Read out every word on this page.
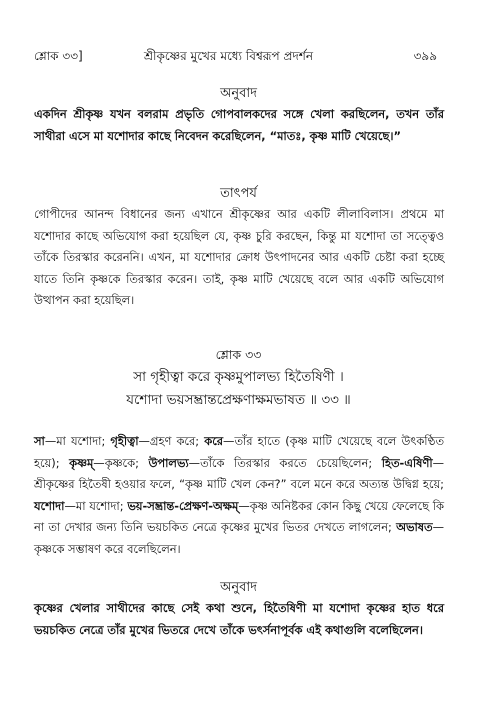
শ্লোক ৩৩]	শ্রীকৃষ্ণের মুখের মধ্যে বিশ্বরূপ প্রদর্শন	৩৯৯
অনুবাদ
একদিন শ্রীকৃষ্ণ যখন বলরাম প্রভৃতি গোপবালকদের সঙ্গে খেলা করছিলেন, তখন তাঁর সাথীরা এসে মা যশোদার কাছে নিবেদন করেছিলেন, “মাতঃ, কৃষ্ণ মাটি খেয়েছে।”
তাৎপর্য
গোপীদের আনন্দ বিধানের জন্য এখানে শ্রীকৃষ্ণের আর একটি লীলাবিলাস। প্রথমে মা যশোদার কাছে অভিযোগ করা হয়েছিল যে, কৃষ্ণ চুরি করছেন, কিন্তু মা যশোদা তা সত্ত্বেও তাঁকে তিরস্কার করেননি। এখন, মা যশোদার ক্রোধ উৎপাদনের আর একটি চেষ্টা করা হচ্ছে যাতে তিনি কৃষ্ণকে তিরস্কার করেন। তাই, কৃষ্ণ মাটি খেয়েছে বলে আর একটি অভিযোগ উত্থাপন করা হয়েছিল।
শ্লোক ৩৩
সা গৃহীত্বা করে কৃষ্ণমুপালভ্য হিতৈষিণী ।
যশোদা ভয়সম্ভ্রান্তপ্রেক্ষণাক্ষমভাষত ॥ ৩৩ ॥
সা—মা যশোদা; গৃহীত্বা—গ্রহণ করে; করে—তাঁর হাতে (কৃষ্ণ মাটি খেয়েছে বলে উৎকণ্ঠিত হয়ে); কৃষ্ণম্—কৃষ্ণকে; উপালভ্য—তাঁকে তিরস্কার করতে চেয়েছিলেন; হিত-এষিণী—শ্রীকৃষ্ণের হিতৈষী হওয়ার ফলে, “কৃষ্ণ মাটি খেল কেন?” বলে মনে করে অত্যন্ত উদ্বিগ্ন হয়ে; যশোদা—মা যশোদা; ভয়-সম্ভ্রান্ত-প্রেক্ষণ-অক্ষম্—কৃষ্ণ অনিষ্টকর কোন কিছু খেয়ে ফেলেছে কি না তা দেখার জন্য তিনি ভয়চকিত নেত্রে কৃষ্ণের মুখের ভিতর দেখতে লাগলেন; অভাষত—কৃষ্ণকে সম্ভাষণ করে বলেছিলেন।
অনুবাদ
কৃষ্ণের খেলার সাথীদের কাছে সেই কথা শুনে, হিতৈষিণী মা যশোদা কৃষ্ণের হাত ধরে ভয়চকিত নেত্রে তাঁর মুখের ভিতরে দেখে তাঁকে ভৎর্সনাপূর্বক এই কথাগুলি বলেছিলেন।
